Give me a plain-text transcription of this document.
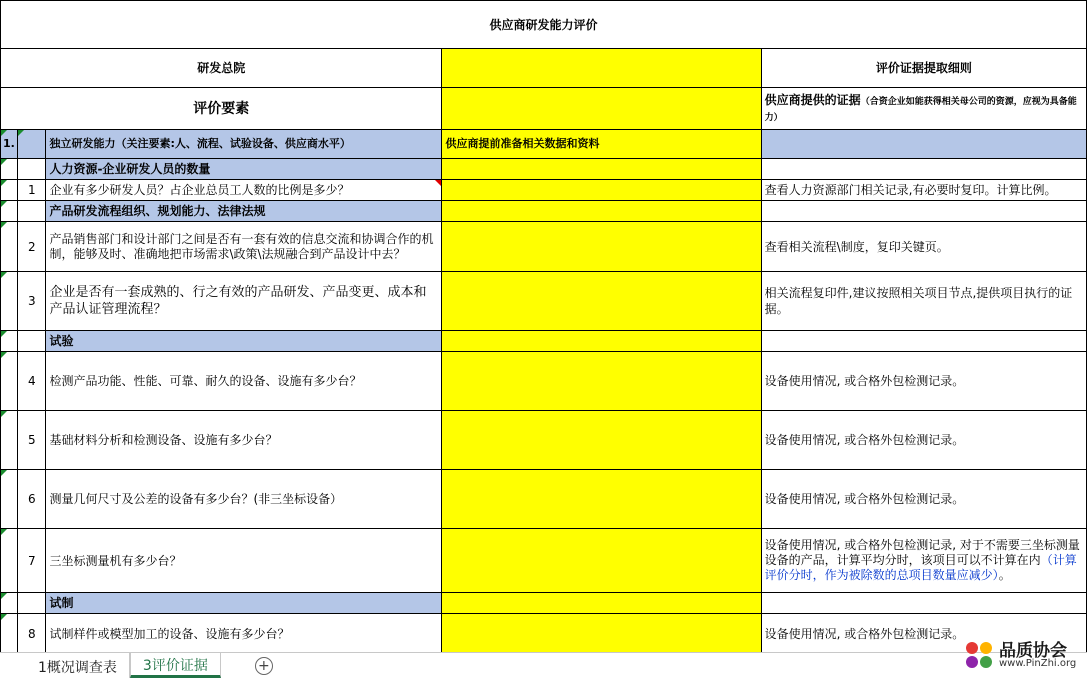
供应商研发能力评价				
研发总院				评价证据提取细则
评价要素				供应商提供的证据（合资企业如能获得相关母公司的资源，应视为具备能力）
1.		独立研发能力（关注要素:人、流程、试验设备、供应商水平）	供应商提前准备相关数据和资料	
		人力资源-企业研发人员的数量		
	1	企业有多少研发人员？占企业总员工人数的比例是多少？		查看人力资源部门相关记录,有必要时复印。计算比例。
		产品研发流程组织、规划能力、法律法规		
	2	产品销售部门和设计部门之间是否有一套有效的信息交流和协调合作的机制，能够及时、准确地把市场需求\政策\法规融合到产品设计中去？		查看相关流程\制度，复印关键页。
	3	企业是否有一套成熟的、行之有效的产品研发、产品变更、成本和产品认证管理流程？		相关流程复印件,建议按照相关项目节点,提供项目执行的证据。
		试验		
	4	检测产品功能、性能、可靠、耐久的设备、设施有多少台？		设备使用情况, 或合格外包检测记录。
	5	基础材料分析和检测设备、设施有多少台？		设备使用情况, 或合格外包检测记录。
	6	测量几何尺寸及公差的设备有多少台？(非三坐标设备）		设备使用情况, 或合格外包检测记录。
	7	三坐标测量机有多少台？		设备使用情况, 或合格外包检测记录, 对于不需要三坐标测量设备的产品，计算平均分时，该项目可以不计算在内（计算评价分时，作为被除数的总项目数量应减少）。
		试制		
	8	试制样件或模型加工的设备、设施有多少台？		设备使用情况, 或合格外包检测记录。
1概况调查表	3评价证据	+
品质协会
www.PinZhi.org
